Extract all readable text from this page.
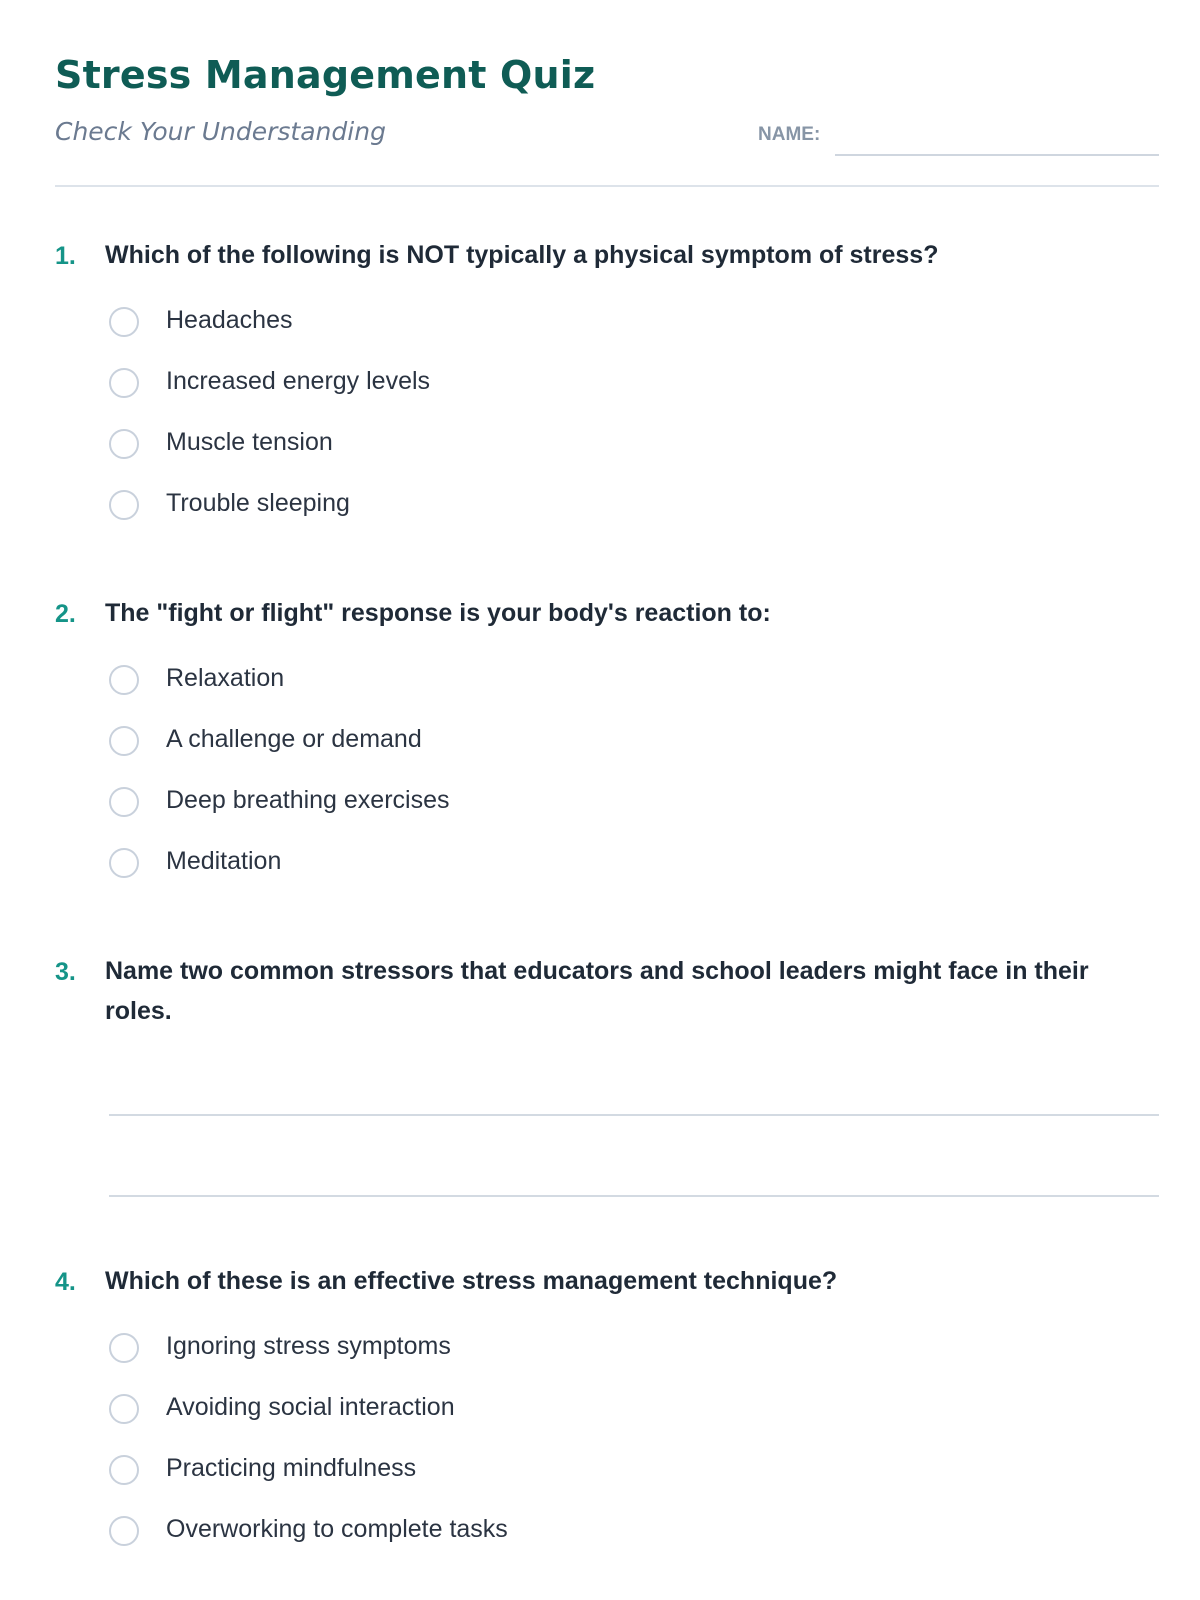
Stress Management Quiz
Check Your Understanding	NAME:
1. Which of the following is NOT typically a physical symptom of stress?
Headaches
Increased energy levels
Muscle tension
Trouble sleeping
2. The "fight or flight" response is your body's reaction to:
Relaxation
A challenge or demand
Deep breathing exercises
Meditation
3. Name two common stressors that educators and school leaders might face in their roles.
4. Which of these is an effective stress management technique?
Ignoring stress symptoms
Avoiding social interaction
Practicing mindfulness
Overworking to complete tasks
